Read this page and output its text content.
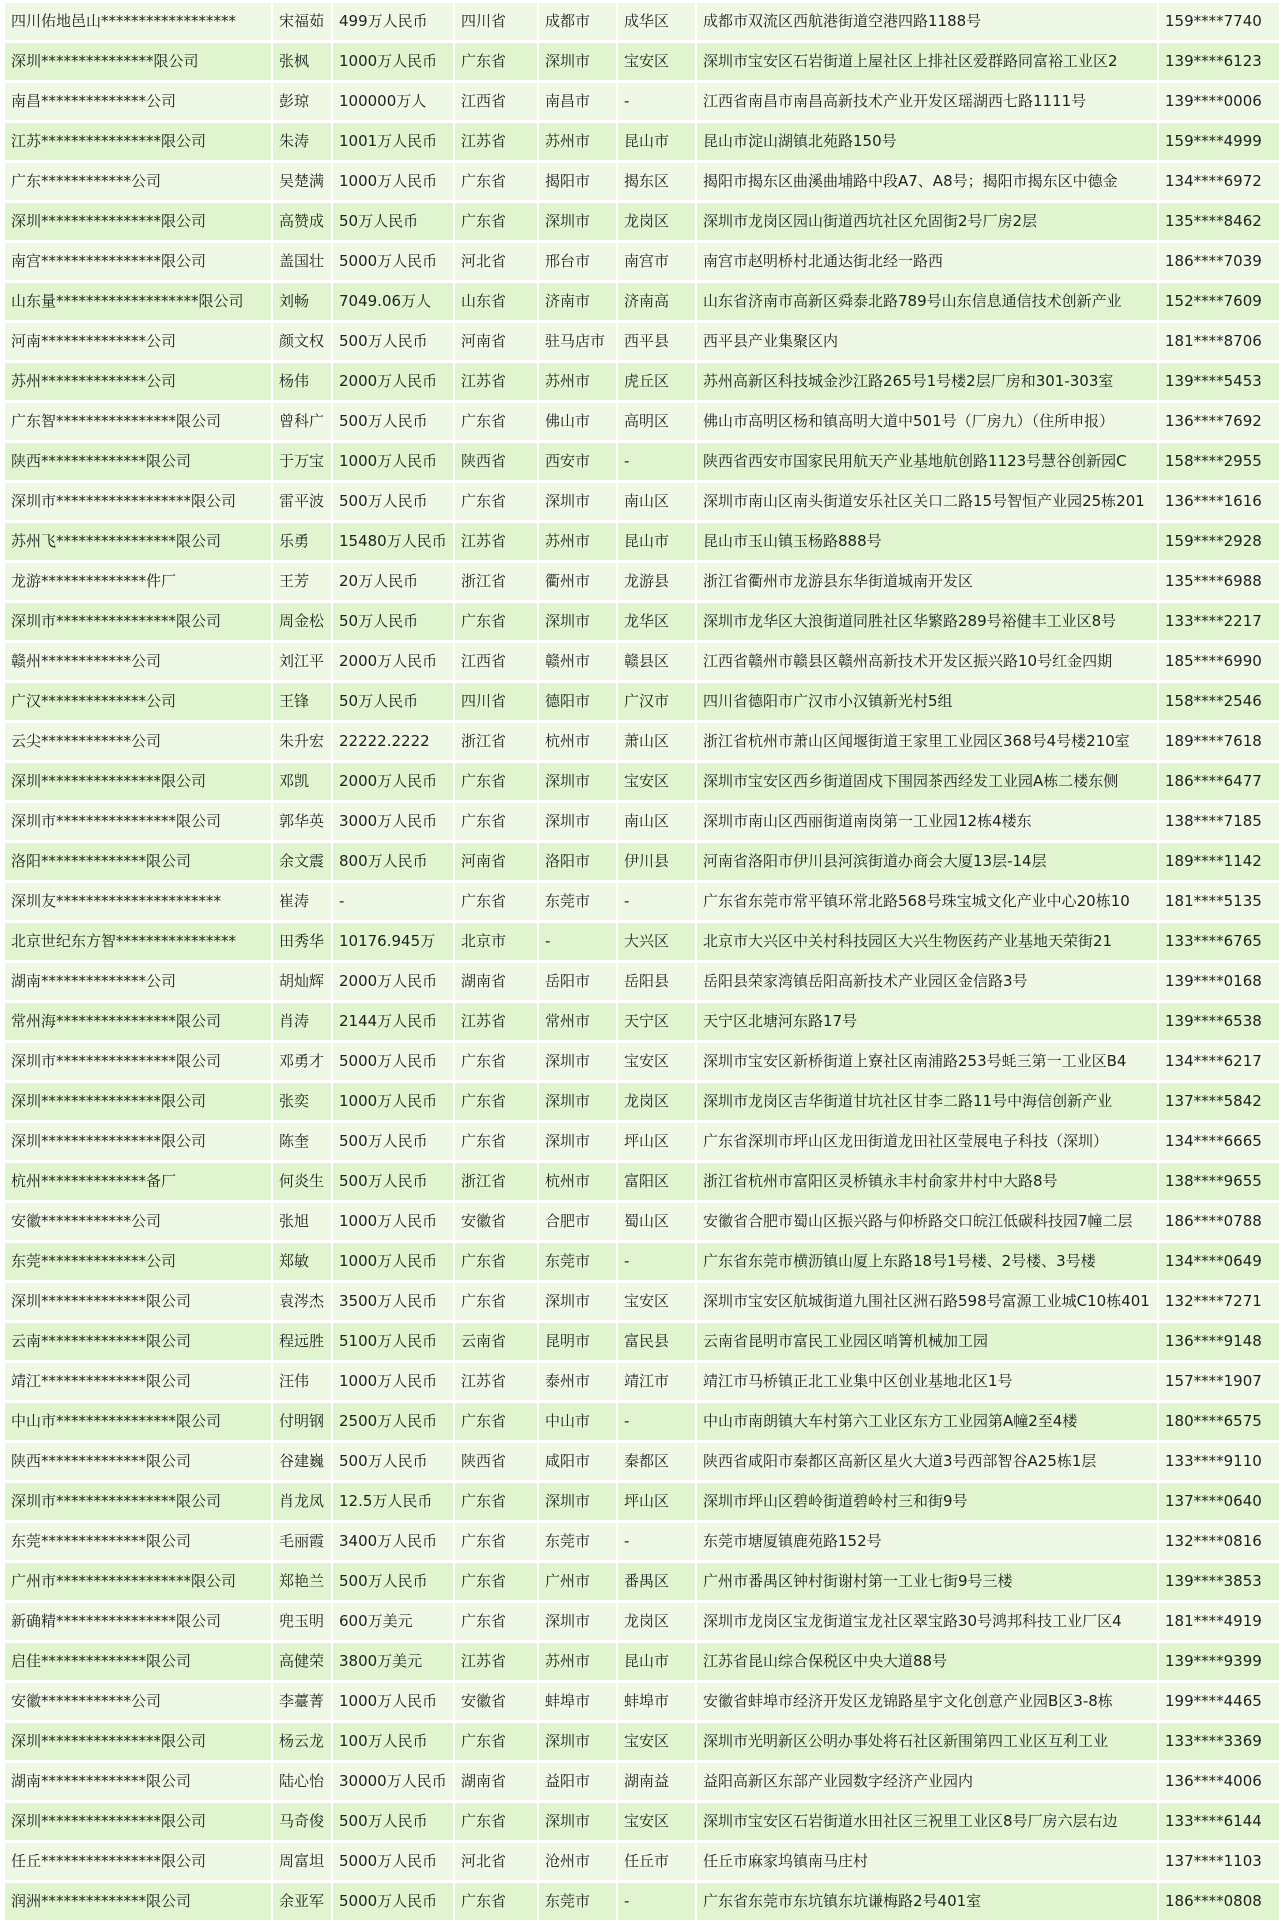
四川佑地邑山******************	宋福茹	499万人民币	四川省	成都市	成华区	成都市双流区西航港街道空港四路1188号	159****7740
深圳***************限公司	张枫	1000万人民币	广东省	深圳市	宝安区	深圳市宝安区石岩街道上屋社区上排社区爱群路同富裕工业区2	139****6123
南昌**************公司	彭琼	100000万人	江西省	南昌市	-	江西省南昌市南昌高新技术产业开发区瑶湖西七路1111号	139****0006
江苏****************限公司	朱涛	1001万人民币	江苏省	苏州市	昆山市	昆山市淀山湖镇北苑路150号	159****4999
广东************公司	吴楚满	1000万人民币	广东省	揭阳市	揭东区	揭阳市揭东区曲溪曲埔路中段A7、A8号；揭阳市揭东区中德金	134****6972
深圳****************限公司	高赞成	50万人民币	广东省	深圳市	龙岗区	深圳市龙岗区园山街道西坑社区允固街2号厂房2层	135****8462
南宫****************限公司	盖国壮	5000万人民币	河北省	邢台市	南宫市	南宫市赵明桥村北通达街北经一路西	186****7039
山东量*******************限公司	刘畅	7049.06万人	山东省	济南市	济南高	山东省济南市高新区舜泰北路789号山东信息通信技术创新产业	152****7609
河南**************公司	颜文权	500万人民币	河南省	驻马店市	西平县	西平县产业集聚区内	181****8706
苏州**************公司	杨伟	2000万人民币	江苏省	苏州市	虎丘区	苏州高新区科技城金沙江路265号1号楼2层厂房和301-303室	139****5453
广东智****************限公司	曾科广	500万人民币	广东省	佛山市	高明区	佛山市高明区杨和镇高明大道中501号（厂房九）（住所申报）	136****7692
陕西**************限公司	于万宝	1000万人民币	陕西省	西安市	-	陕西省西安市国家民用航天产业基地航创路1123号慧谷创新园C	158****2955
深圳市******************限公司	雷平波	500万人民币	广东省	深圳市	南山区	深圳市南山区南头街道安乐社区关口二路15号智恒产业园25栋201	136****1616
苏州飞****************限公司	乐勇	15480万人民币	江苏省	苏州市	昆山市	昆山市玉山镇玉杨路888号	159****2928
龙游**************件厂	王芳	20万人民币	浙江省	衢州市	龙游县	浙江省衢州市龙游县东华街道城南开发区	135****6988
深圳市****************限公司	周金松	50万人民币	广东省	深圳市	龙华区	深圳市龙华区大浪街道同胜社区华繁路289号裕健丰工业区8号	133****2217
赣州************公司	刘江平	2000万人民币	江西省	赣州市	赣县区	江西省赣州市赣县区赣州高新技术开发区振兴路10号红金四期	185****6990
广汉**************公司	王锋	50万人民币	四川省	德阳市	广汉市	四川省德阳市广汉市小汉镇新光村5组	158****2546
云尖************公司	朱升宏	22222.2222	浙江省	杭州市	萧山区	浙江省杭州市萧山区闻堰街道王家里工业园区368号4号楼210室	189****7618
深圳****************限公司	邓凯	2000万人民币	广东省	深圳市	宝安区	深圳市宝安区西乡街道固戍下围园茶西经发工业园A栋二楼东侧	186****6477
深圳市****************限公司	郭华英	3000万人民币	广东省	深圳市	南山区	深圳市南山区西丽街道南岗第一工业园12栋4楼东	138****7185
洛阳**************限公司	余文震	800万人民币	河南省	洛阳市	伊川县	河南省洛阳市伊川县河滨街道办商会大厦13层-14层	189****1142
深圳友**********************	崔涛	-	广东省	东莞市	-	广东省东莞市常平镇环常北路568号珠宝城文化产业中心20栋10	181****5135
北京世纪东方智****************	田秀华	10176.945万	北京市	-	大兴区	北京市大兴区中关村科技园区大兴生物医药产业基地天荣街21	133****6765
湖南**************公司	胡灿辉	2000万人民币	湖南省	岳阳市	岳阳县	岳阳县荣家湾镇岳阳高新技术产业园区金信路3号	139****0168
常州海****************限公司	肖涛	2144万人民币	江苏省	常州市	天宁区	天宁区北塘河东路17号	139****6538
深圳市****************限公司	邓勇才	5000万人民币	广东省	深圳市	宝安区	深圳市宝安区新桥街道上寮社区南浦路253号蚝三第一工业区B4	134****6217
深圳****************限公司	张奕	1000万人民币	广东省	深圳市	龙岗区	深圳市龙岗区吉华街道甘坑社区甘李二路11号中海信创新产业	137****5842
深圳****************限公司	陈奎	500万人民币	广东省	深圳市	坪山区	广东省深圳市坪山区龙田街道龙田社区莹展电子科技（深圳）	134****6665
杭州**************备厂	何炎生	500万人民币	浙江省	杭州市	富阳区	浙江省杭州市富阳区灵桥镇永丰村俞家井村中大路8号	138****9655
安徽************公司	张旭	1000万人民币	安徽省	合肥市	蜀山区	安徽省合肥市蜀山区振兴路与仰桥路交口皖江低碳科技园7幢二层	186****0788
东莞**************公司	郑敏	1000万人民币	广东省	东莞市	-	广东省东莞市横沥镇山厦上东路18号1号楼、2号楼、3号楼	134****0649
深圳**************限公司	袁涔杰	3500万人民币	广东省	深圳市	宝安区	深圳市宝安区航城街道九围社区洲石路598号富源工业城C10栋401	132****7271
云南**************限公司	程远胜	5100万人民币	云南省	昆明市	富民县	云南省昆明市富民工业园区哨箐机械加工园	136****9148
靖江**************限公司	汪伟	1000万人民币	江苏省	泰州市	靖江市	靖江市马桥镇正北工业集中区创业基地北区1号	157****1907
中山市****************限公司	付明钢	2500万人民币	广东省	中山市	-	中山市南朗镇大车村第六工业区东方工业园第A幢2至4楼	180****6575
陕西**************限公司	谷建巍	500万人民币	陕西省	咸阳市	秦都区	陕西省咸阳市秦都区高新区星火大道3号西部智谷A25栋1层	133****9110
深圳市****************限公司	肖龙凤	12.5万人民币	广东省	深圳市	坪山区	深圳市坪山区碧岭街道碧岭村三和街9号	137****0640
东莞**************限公司	毛丽霞	3400万人民币	广东省	东莞市	-	东莞市塘厦镇鹿苑路152号	132****0816
广州市******************限公司	郑艳兰	500万人民币	广东省	广州市	番禺区	广州市番禺区钟村街谢村第一工业七街9号三楼	139****3853
新确精****************限公司	兜玉明	600万美元	广东省	深圳市	龙岗区	深圳市龙岗区宝龙街道宝龙社区翠宝路30号鸿邦科技工业厂区4	181****4919
启佳**************限公司	高健荣	3800万美元	江苏省	苏州市	昆山市	江苏省昆山综合保税区中央大道88号	139****9399
安徽************公司	李薹菁	1000万人民币	安徽省	蚌埠市	蚌埠市	安徽省蚌埠市经济开发区龙锦路星宇文化创意产业园B区3-8栋	199****4465
深圳****************限公司	杨云龙	100万人民币	广东省	深圳市	宝安区	深圳市光明新区公明办事处将石社区新围第四工业区互利工业	133****3369
湖南**************限公司	陆心怡	30000万人民币	湖南省	益阳市	湖南益	益阳高新区东部产业园数字经济产业园内	136****4006
深圳****************限公司	马奇俊	500万人民币	广东省	深圳市	宝安区	深圳市宝安区石岩街道水田社区三祝里工业区8号厂房六层右边	133****6144
任丘****************限公司	周富坦	5000万人民币	河北省	沧州市	任丘市	任丘市麻家坞镇南马庄村	137****1103
润洲**************限公司	余亚军	5000万人民币	广东省	东莞市	-	广东省东莞市东坑镇东坑谦梅路2号401室	186****0808
